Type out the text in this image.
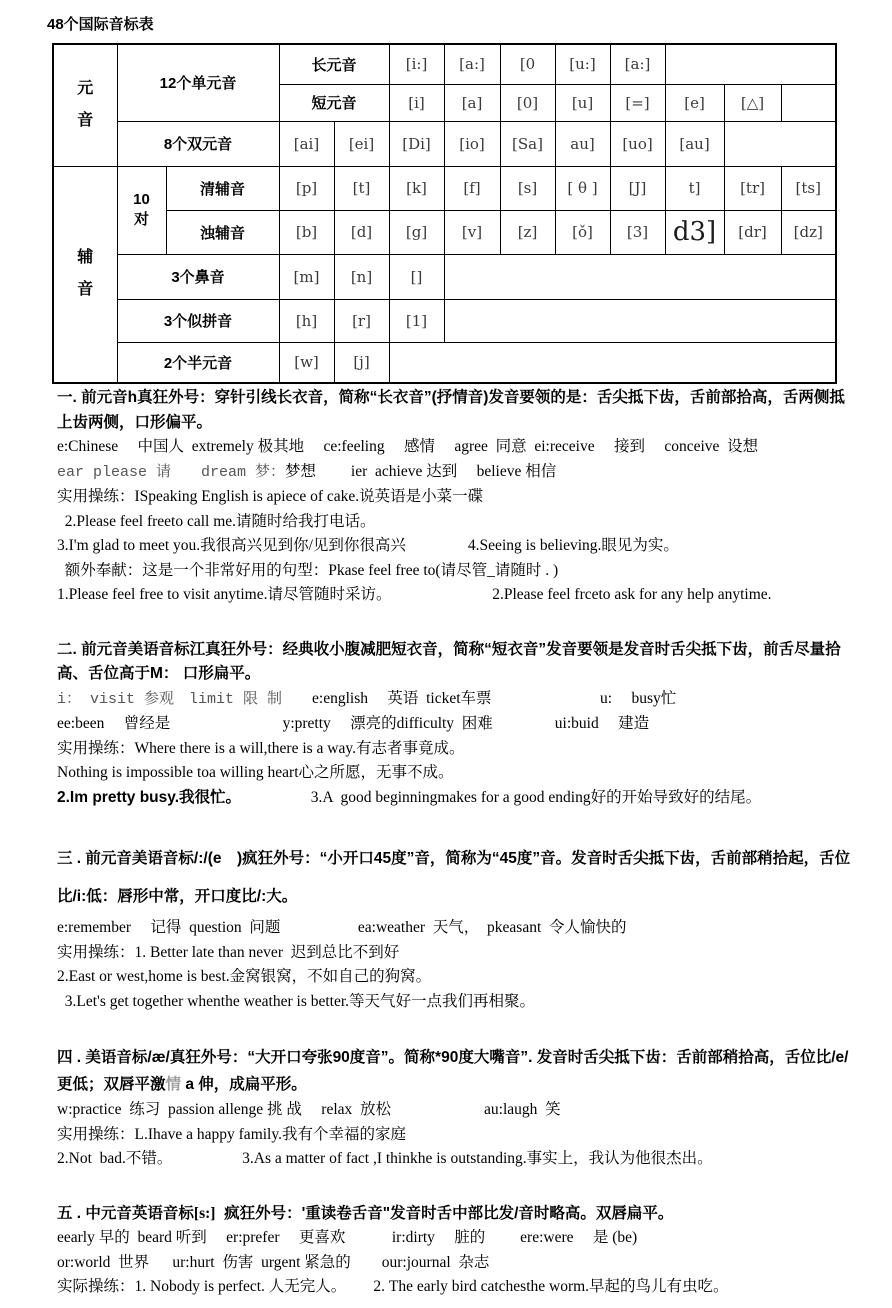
48个国际音标表
元音	12个单元音		长元音		[i:]	[a:]	[0	[u:]	[a:]			
			短元音		[i]	[a]	[0]	[u]	[=]	[e]	[△]	
	8个双元音		[ai]	[ei]	[Di]	[io]	[Sa]	au]	[uo]	[au]		

辅音	10对	清辅音	[p]	[t]	[k]	[f]	[s]	[ θ ]	[J]	t]	[tr]	[ts]
		浊辅音	[b]	[d]	[g]	[v]	[z]	[ǒ]	[3]	d3]	[dr]	[dz]
	3个鼻音		[m]	[n]	[]							
	3个似拼音		[h]	[r]	[1]							
	2个半元音		[w]	[j]								
一. 前元音h真狂外号：穿针引线长衣音，简称“长衣音”(抒情音)发音要领的是：舌尖抵下齿，舌前部拾高，舌两侧抵上齿两侧，口形偏平。
e:Chinese　 中国人  extremely 极其地 　ce:feeling 　感情 　agree  同意  ei:receive 　接到 　conceive  设想
ear please 请　　dream 梦：梦想　　 ier  achieve 达到 　believe 相信
实用操练：ISpeaking English is apiece of cake.说英语是小菜一碟
2.Please feel freeto call me.请随时给我打电话。
3.I'm glad to meet you.我很高兴见到你/见到你很高兴　　　　4.Seeing is believing.眼见为实。
额外奉献：这是一个非常好用的句型：Pkase feel free to(请尽管_请随时 . )
1.Please feel free to visit anytime.请尽管随时采访。　　　　　　　2.Please feel frceto ask for any help anytime.
二. 前元音美语音标江真狂外号：经典收小腹减肥短衣音，简称“短衣音”发音要领是发音时舌尖抵下齿，前舌尽量拾高、舌位高于M： 口形扁平。
i： visit 参观　limit 限 制　　e:english 　英语  ticket车票　　　　　　　u: 　busy忙
ee:been 　曾经是　　　　　　　 y:pretty 　漂亮的difficulty  困难　　　　ui:buid 　建造
实用操练：Where there is a will,there is a way.有志者事竟成。
Nothing is impossible toa willing heart心之所愿，无事不成。
2.Im pretty busy.我很忙。　　　　　3.A  good beginningmakes for a good ending好的开始导致好的结尾。
三 . 前元音美语音标/:/(e　)疯狂外号：“小开口45度”音，简称为“45度”音。发音时舌尖抵下齿，舌前部稍拾起，舌位比/i:低：唇形中常，开口度比/:大。
e:remember 　记得  question  问题　　　　　ea:weather  天气，　pkeasant  令人愉快的
实用操练：1. Better late than never  迟到总比不到好
2.East or west,home is best.金窝银窝，不如自己的狗窝。
3.Let's get together whenthe weather is better.等天气好一点我们再相聚。
四 . 美语音标/æ/真狂外号：“大开口夸张90度音”。简称*90度大嘴音”. 发音时舌尖抵下齿：舌前部稍拾高，舌位比/e/更低；双唇平激情 a 伸，成扁平形。
w:practice  练习  passion allenge 挑 战 　relax  放松　　　　　　au:laugh  笑
实用操练：L.Ihave a happy family.我有个幸福的家庭
2.Not  bad.不错。　　　　　3.As a matter of fact ,I thinkhe is outstanding.事实上，我认为他很杰出。
五 . 中元音英语音标[s:]  疯狂外号：'重读卷舌音"发音时舌中部比发/音时略高。双唇扁平。
eearly 早的  beard 听到　 er:prefer 　更喜欢　　　ir:dirty 　脏的　　 ere:were 　是 (be)
or:world  世界　  ur:hurt  伤害  urgent 紧急的　　our:journal  杂志
实际操练：1. Nobody is perfect. 人无完人。　　 2. The early bird catchesthe worm.早起的鸟儿有虫吃。
